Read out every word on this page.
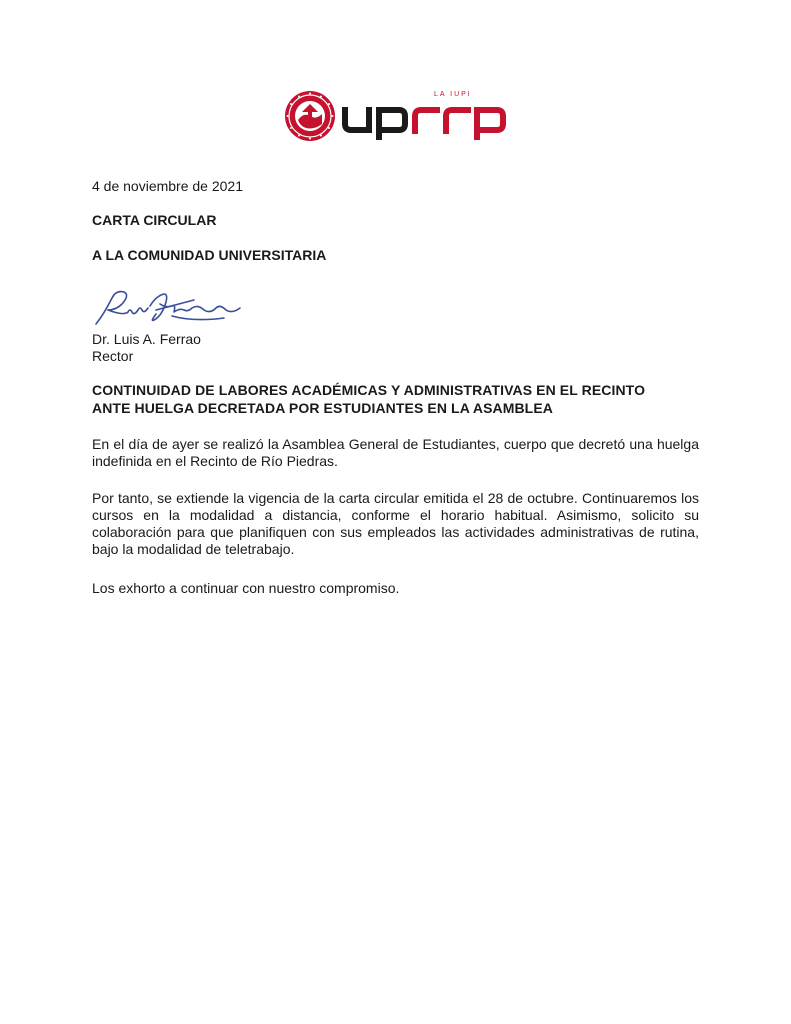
LA IUPI
4 de noviembre de 2021
CARTA CIRCULAR
A LA COMUNIDAD UNIVERSITARIA
Dr. Luis A. Ferrao
Rector
CONTINUIDAD DE LABORES ACADÉMICAS Y ADMINISTRATIVAS EN EL RECINTO
ANTE HUELGA DECRETADA POR ESTUDIANTES EN LA ASAMBLEA
En el día de ayer se realizó la Asamblea General de Estudiantes, cuerpo que decretó una huelga indefinida en el Recinto de Río Piedras.
Por tanto, se extiende la vigencia de la carta circular emitida el 28 de octubre. Continuaremos los cursos en la modalidad a distancia, conforme el horario habitual. Asimismo, solicito su colaboración para que planifiquen con sus empleados las actividades administrativas de rutina, bajo la modalidad de teletrabajo.
Los exhorto a continuar con nuestro compromiso.
